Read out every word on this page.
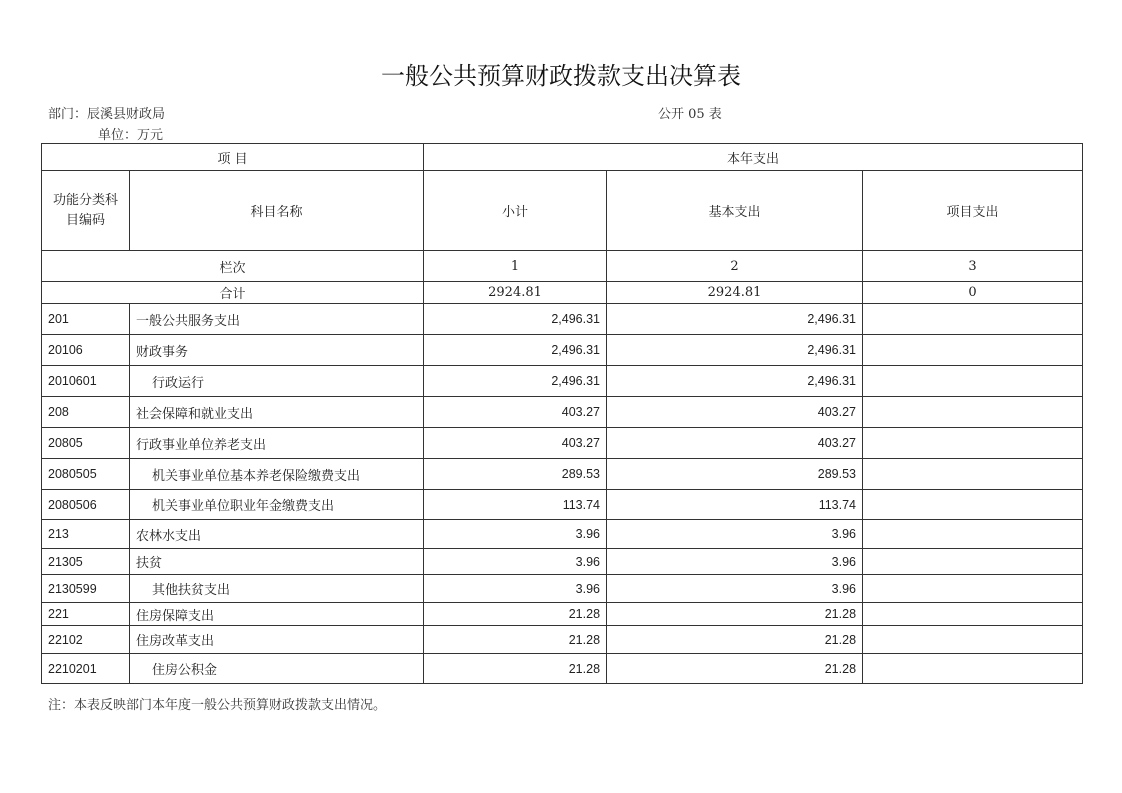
一般公共预算财政拨款支出决算表
部门：辰溪县财政局	公开 05 表
单位：万元
项 目		本年支出		
功能分类科
目编码	科目名称	小计	基本支出	项目支出
栏次		1	2	3
合计		2924.81	2924.81	0
201	一般公共服务支出	2,496.31	2,496.31	
20106	财政事务	2,496.31	2,496.31	
2010601	行政运行	2,496.31	2,496.31	
208	社会保障和就业支出	403.27	403.27	
20805	行政事业单位养老支出	403.27	403.27	
2080505	机关事业单位基本养老保险缴费支出	289.53	289.53	
2080506	机关事业单位职业年金缴费支出	113.74	113.74	
213	农林水支出	3.96	3.96	
21305	扶贫	3.96	3.96	
2130599	其他扶贫支出	3.96	3.96	
221	住房保障支出	21.28	21.28	
22102	住房改革支出	21.28	21.28	
2210201	住房公积金	21.28	21.28	
注：本表反映部门本年度一般公共预算财政拨款支出情况。
